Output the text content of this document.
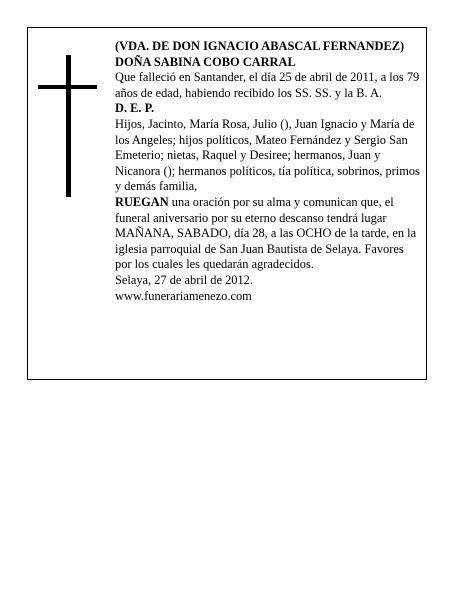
(VDA. DE DON IGNACIO ABASCAL FERNANDEZ)

DOÑA SABINA COBO CARRAL

Que falleció en Santander, el día 25 de abril de 2011, a los 79 años de edad, habiendo recibido los SS. SS. y la B. A.

D. E. P.

Hijos, Jacinto, María Rosa, Julio (), Juan Ignacio y María de los Angeles; hijos políticos, Mateo Fernández y Sergio San Emeterio; nietas, Raquel y Desiree; hermanos, Juan y Nicanora (); hermanos políticos, tía política, sobrinos, primos y demás familia,

RUEGAN una oración por su alma y comunican que, el funeral aniversario por su eterno descanso tendrá lugar MAÑANA, SABADO, día 28, a las OCHO de la tarde, en la iglesia parroquial de San Juan Bautista de Selaya. Favores por los cuales les quedarán agradecidos.

Selaya, 27 de abril de 2012.

www.funerariamenezo.com
